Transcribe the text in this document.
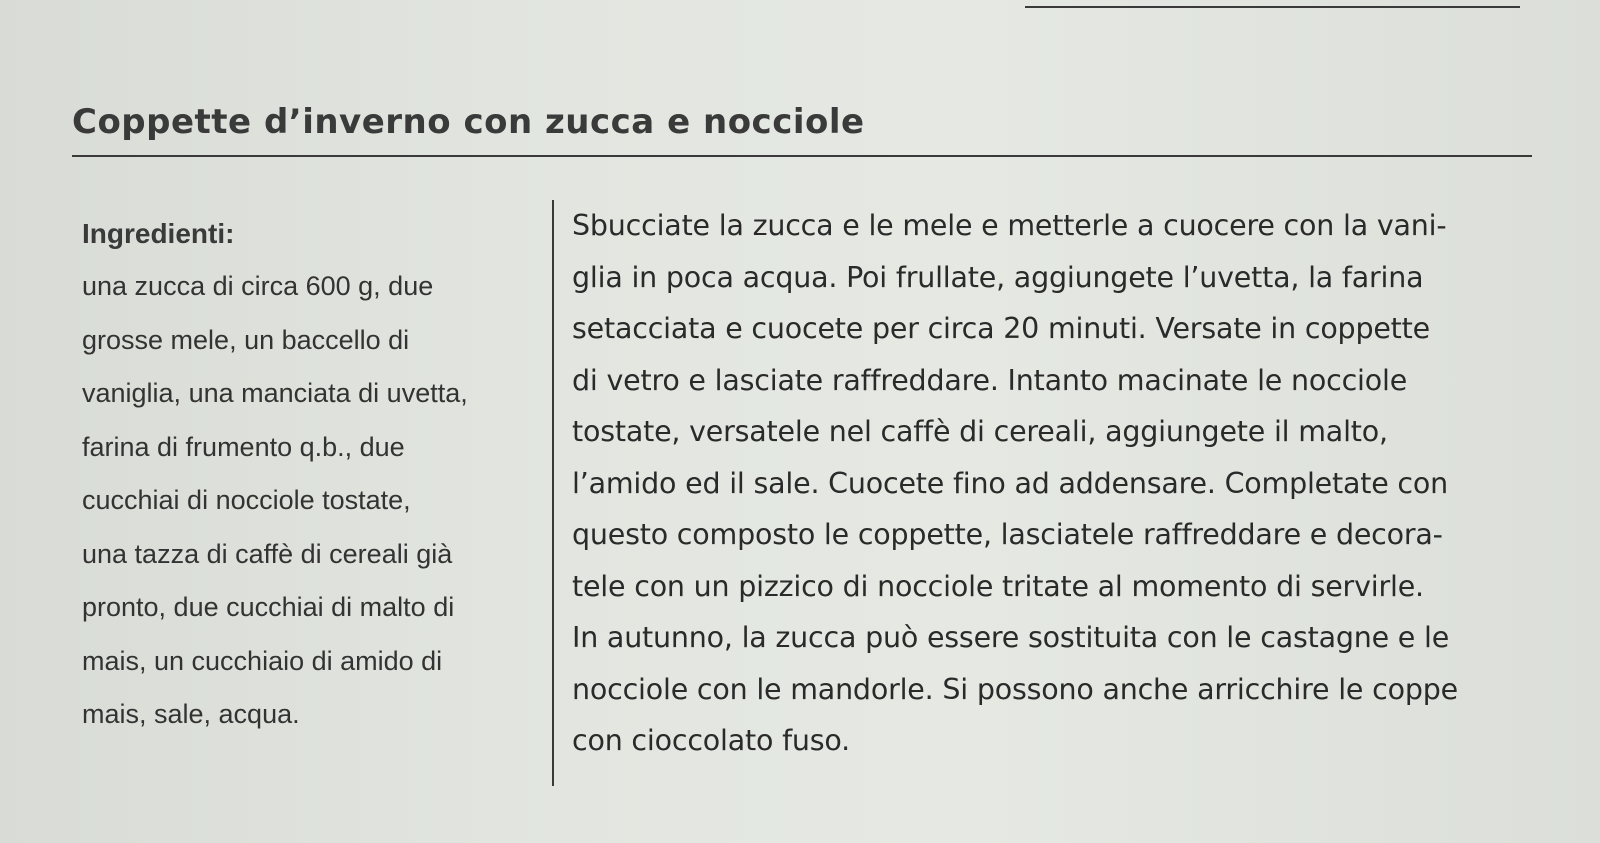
Coppette d’inverno con zucca e nocciole
Ingredienti:
una zucca di circa 600 g, due
grosse mele, un baccello di
vaniglia, una manciata di uvetta,
farina di frumento q.b., due
cucchiai di nocciole tostate,
una tazza di caffè di cereali già
pronto, due cucchiai di malto di
mais, un cucchiaio di amido di
mais, sale, acqua.
Sbucciate la zucca e le mele e metterle a cuocere con la vani-
glia in poca acqua. Poi frullate, aggiungete l’uvetta, la farina
setacciata e cuocete per circa 20 minuti. Versate in coppette
di vetro e lasciate raffreddare. Intanto macinate le nocciole
tostate, versatele nel caffè di cereali, aggiungete il malto,
l’amido ed il sale. Cuocete fino ad addensare. Completate con
questo composto le coppette, lasciatele raffreddare e decora-
tele con un pizzico di nocciole tritate al momento di servirle.
In autunno, la zucca può essere sostituita con le castagne e le
nocciole con le mandorle. Si possono anche arricchire le coppe
con cioccolato fuso.
